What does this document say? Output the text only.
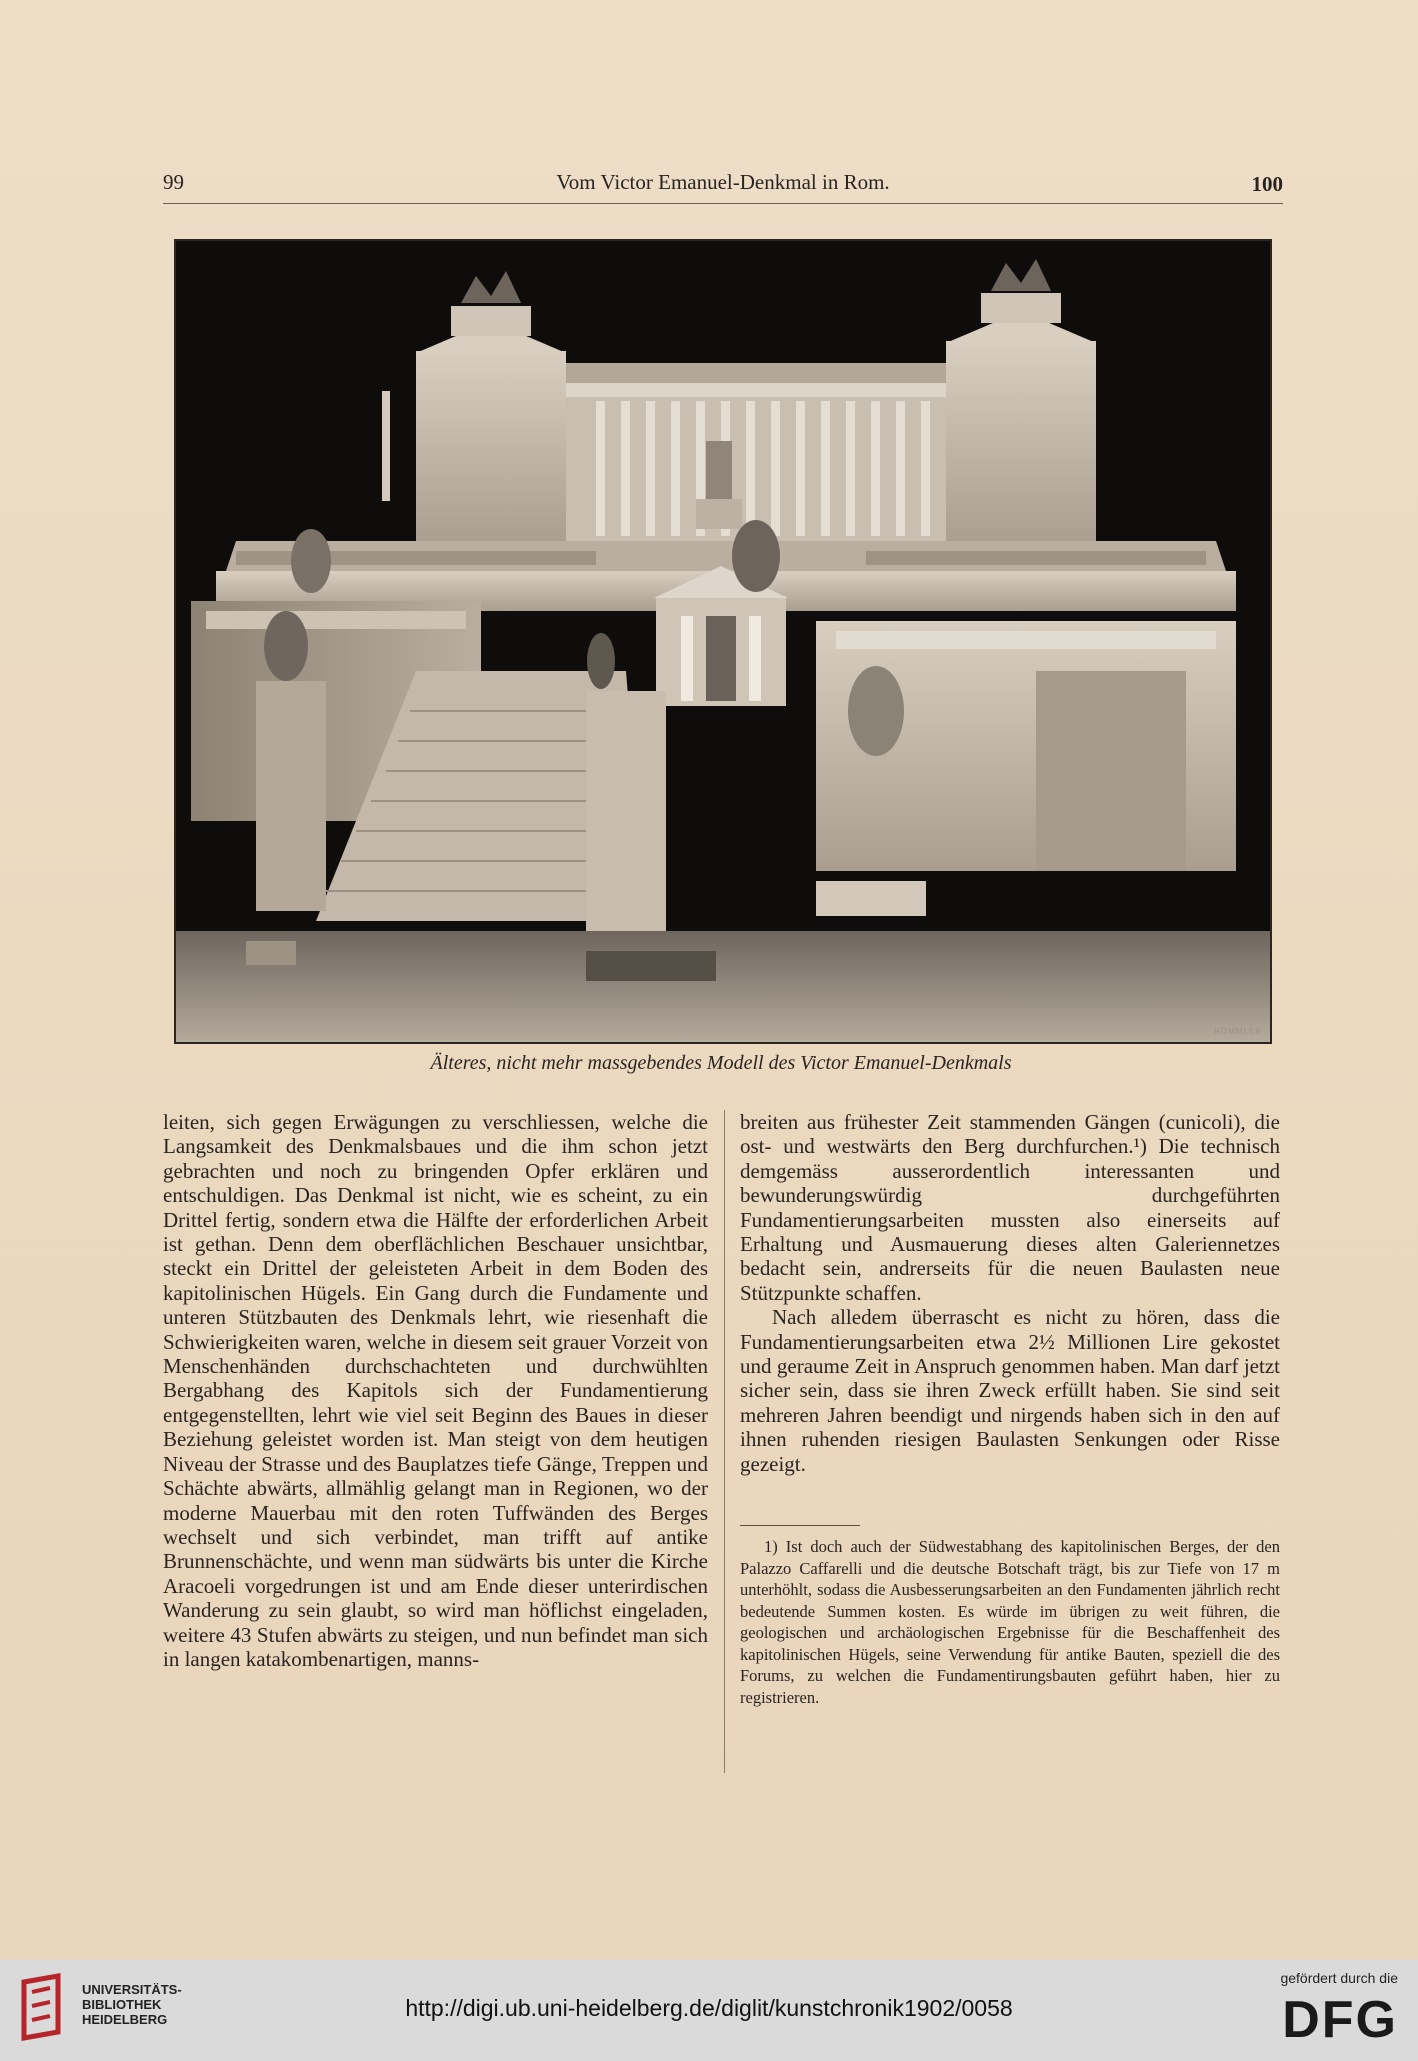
99	Vom Victor Emanuel-Denkmal in Rom.	100
RÖMMLER
Älteres, nicht mehr massgebendes Modell des Victor Emanuel-Denkmals

leiten, sich gegen Erwägungen zu verschliessen, welche die Langsamkeit des Denkmalsbaues und die ihm schon jetzt gebrachten und noch zu bringenden Opfer erklären und entschuldigen. Das Denkmal ist nicht, wie es scheint, zu ein Drittel fertig, sondern etwa die Hälfte der erforderlichen Arbeit ist gethan. Denn dem oberflächlichen Beschauer unsichtbar, steckt ein Drittel der geleisteten Arbeit in dem Boden des kapitolinischen Hügels. Ein Gang durch die Fundamente und unteren Stützbauten des Denkmals lehrt, wie riesenhaft die Schwierigkeiten waren, welche in diesem seit grauer Vorzeit von Menschenhänden durchschachteten und durchwühlten Bergabhang des Kapitols sich der Fundamentierung entgegenstellten, lehrt wie viel seit Beginn des Baues in dieser Beziehung geleistet worden ist. Man steigt von dem heutigen Niveau der Strasse und des Bauplatzes tiefe Gänge, Treppen und Schächte abwärts, allmählig gelangt man in Regionen, wo der moderne Mauerbau mit den roten Tuffwänden des Berges wechselt und sich verbindet, man trifft auf antike Brunnenschächte, und wenn man südwärts bis unter die Kirche Aracoeli vorgedrungen ist und am Ende dieser unterirdischen Wanderung zu sein glaubt, so wird man höflichst eingeladen, weitere 43 Stufen abwärts zu steigen, und nun befindet man sich in langen katakombenartigen, manns-

breiten aus frühester Zeit stammenden Gängen (cunicoli), die ost- und westwärts den Berg durchfurchen.¹) Die technisch demgemäss ausserordentlich interessanten und bewunderungswürdig durchgeführten Fundamentierungsarbeiten mussten also einerseits auf Erhaltung und Ausmauerung dieses alten Galeriennetzes bedacht sein, andrerseits für die neuen Baulasten neue Stützpunkte schaffen.

Nach alledem überrascht es nicht zu hören, dass die Fundamentierungsarbeiten etwa 2½ Millionen Lire gekostet und geraume Zeit in Anspruch genommen haben. Man darf jetzt sicher sein, dass sie ihren Zweck erfüllt haben. Sie sind seit mehreren Jahren beendigt und nirgends haben sich in den auf ihnen ruhenden riesigen Baulasten Senkungen oder Risse gezeigt.

1) Ist doch auch der Südwestabhang des kapitolinischen Berges, der den Palazzo Caffarelli und die deutsche Botschaft trägt, bis zur Tiefe von 17 m unterhöhlt, sodass die Ausbesserungsarbeiten an den Fundamenten jährlich recht bedeutende Summen kosten. Es würde im übrigen zu weit führen, die geologischen und archäologischen Ergebnisse für die Beschaffenheit des kapitolinischen Hügels, seine Verwendung für antike Bauten, speziell die des Forums, zu welchen die Fundamentirungsbauten geführt haben, hier zu registrieren.
UNIVERSITÄTS-
BIBLIOTHEK
HEIDELBERG	http://digi.ub.uni-heidelberg.de/diglit/kunstchronik1902/0058
gefördert durch die
DFG
